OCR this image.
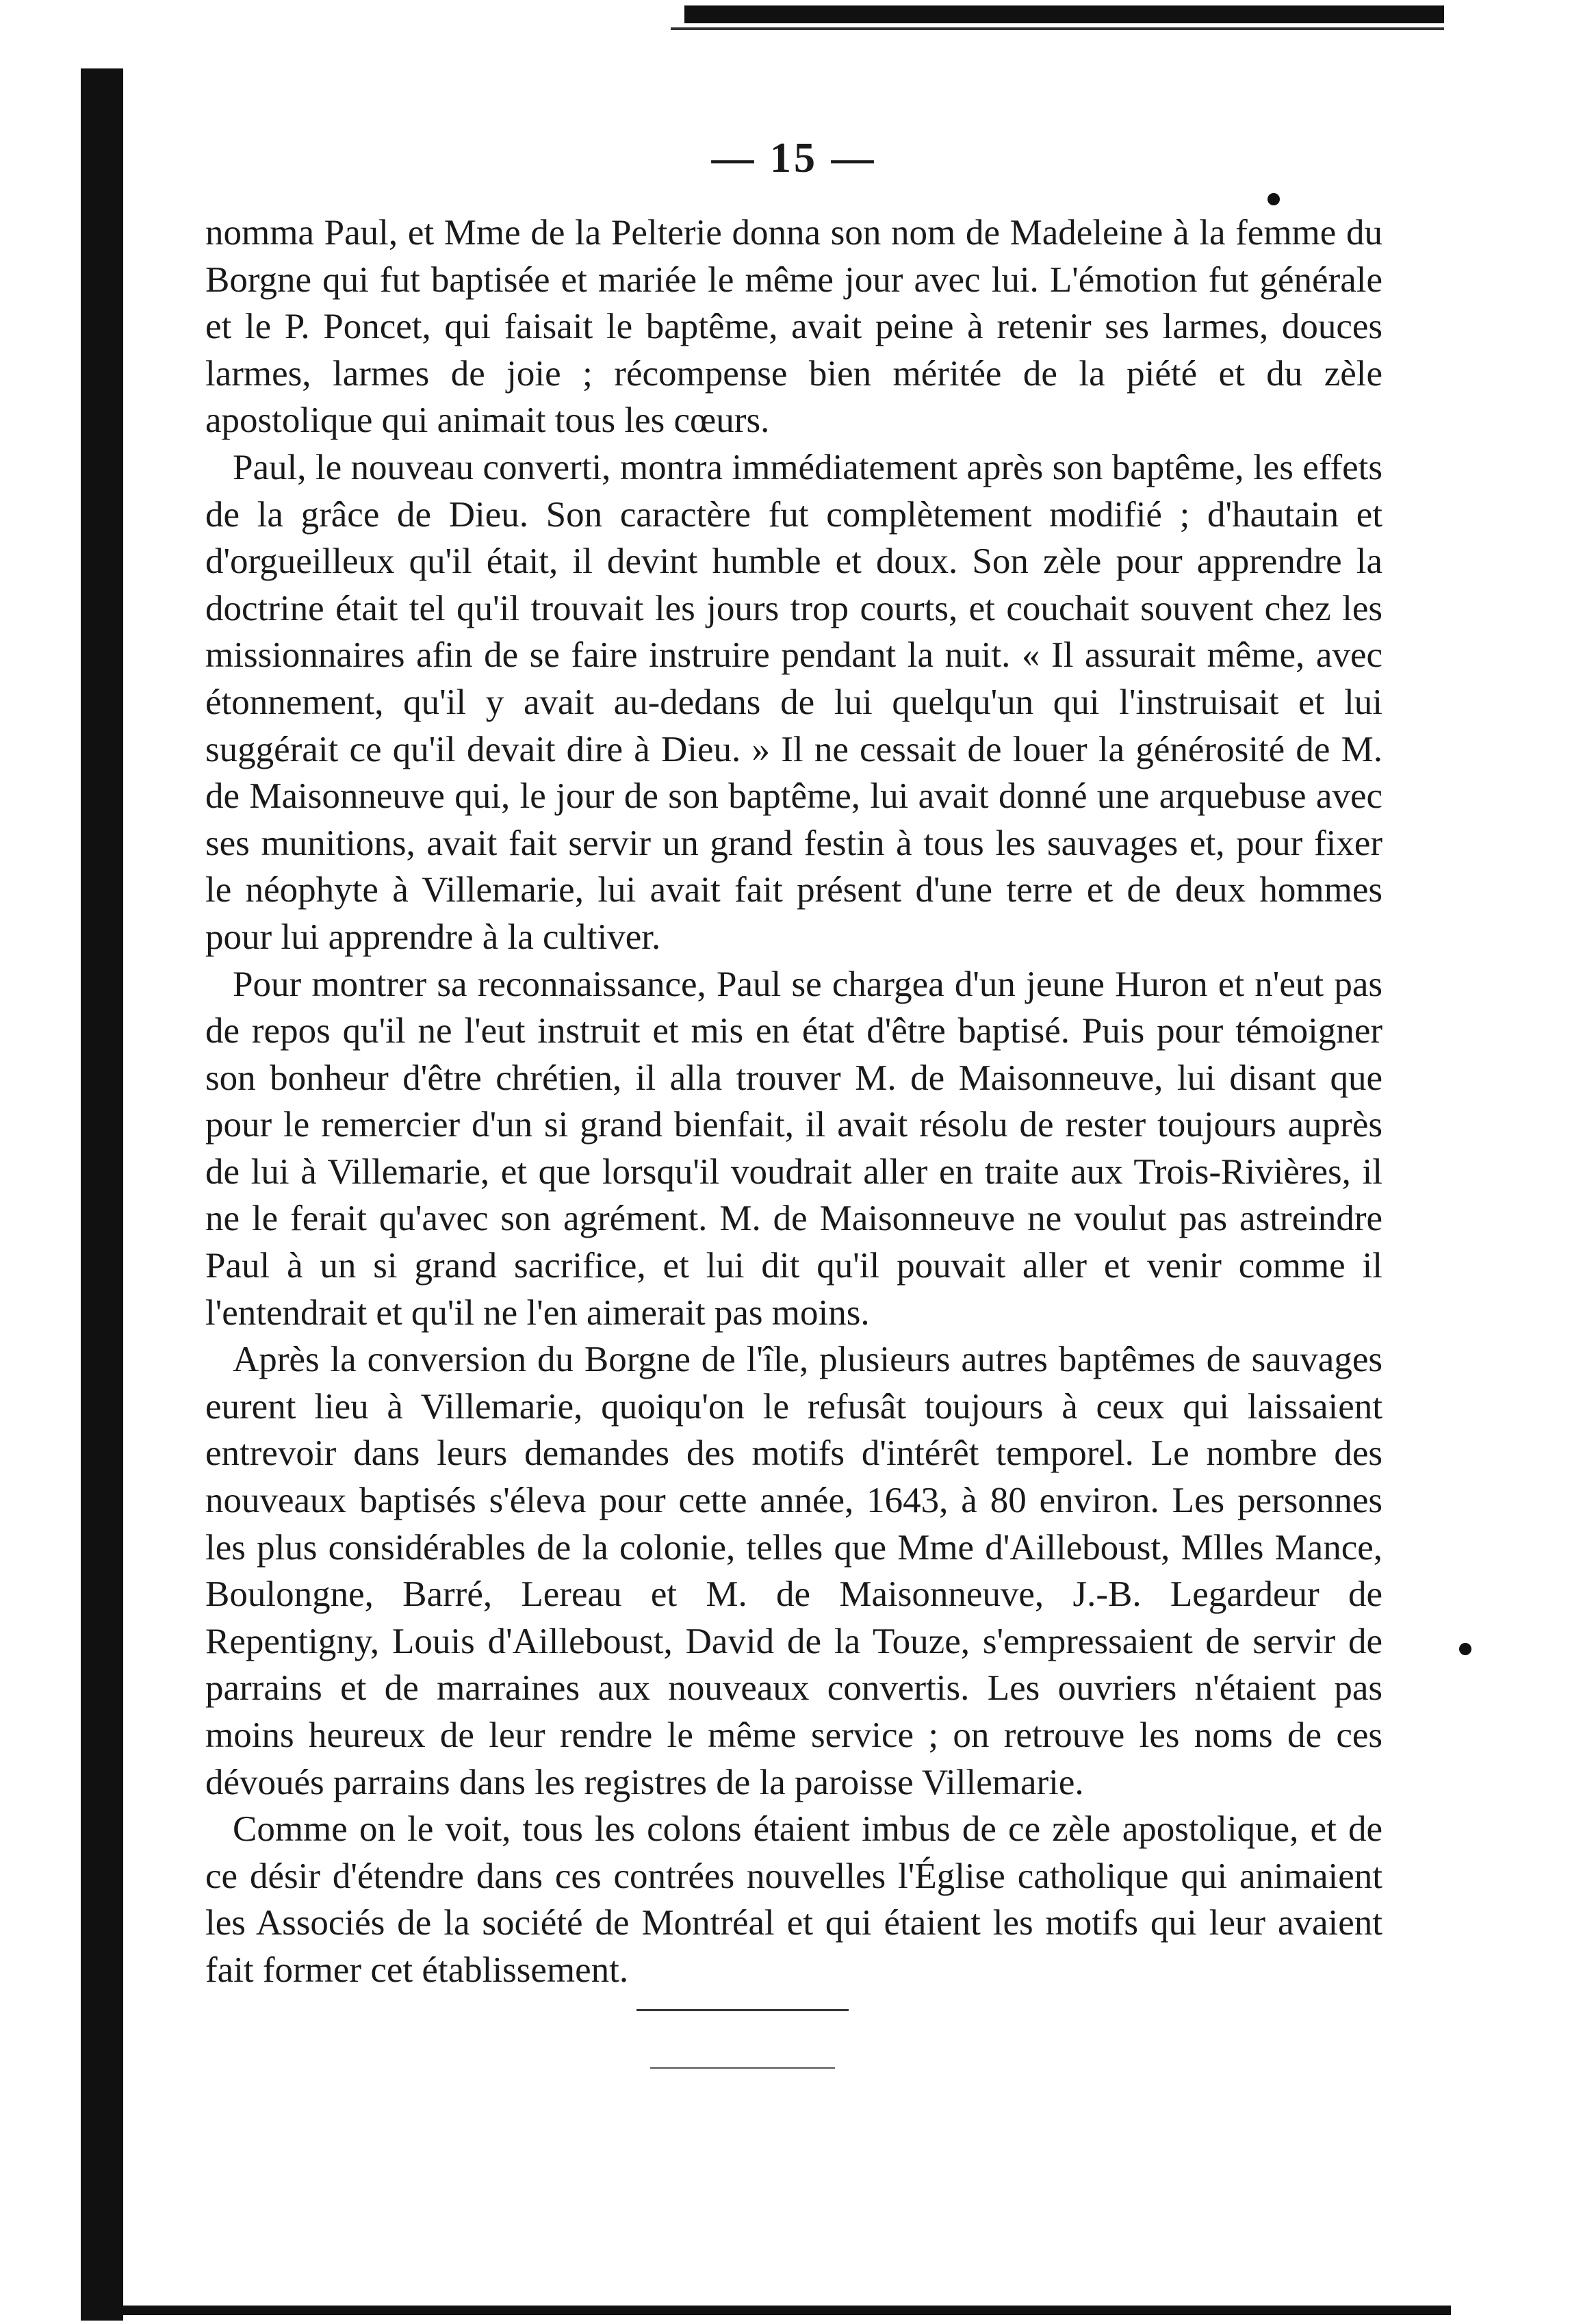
— 15 —

nomma Paul, et Mme de la Pelterie donna son nom de Madeleine à la femme du Borgne qui fut baptisée et mariée le même jour avec lui. L'émotion fut générale et le P. Poncet, qui faisait le baptême, avait peine à retenir ses larmes, douces larmes, larmes de joie ; récompense bien méritée de la piété et du zèle apostolique qui animait tous les cœurs.

Paul, le nouveau converti, montra immédiatement après son baptême, les effets de la grâce de Dieu. Son caractère fut complètement modifié ; d'hautain et d'orgueilleux qu'il était, il devint humble et doux. Son zèle pour apprendre la doctrine était tel qu'il trouvait les jours trop courts, et couchait souvent chez les missionnaires afin de se faire instruire pendant la nuit. « Il assurait même, avec étonnement, qu'il y avait au-dedans de lui quelqu'un qui l'instruisait et lui suggérait ce qu'il devait dire à Dieu. » Il ne cessait de louer la générosité de M. de Maisonneuve qui, le jour de son baptême, lui avait donné une arquebuse avec ses munitions, avait fait servir un grand festin à tous les sauvages et, pour fixer le néophyte à Villemarie, lui avait fait présent d'une terre et de deux hommes pour lui apprendre à la cultiver.

Pour montrer sa reconnaissance, Paul se chargea d'un jeune Huron et n'eut pas de repos qu'il ne l'eut instruit et mis en état d'être baptisé. Puis pour témoigner son bonheur d'être chrétien, il alla trouver M. de Maisonneuve, lui disant que pour le remercier d'un si grand bienfait, il avait résolu de rester toujours auprès de lui à Villemarie, et que lorsqu'il voudrait aller en traite aux Trois-Rivières, il ne le ferait qu'avec son agrément. M. de Maisonneuve ne voulut pas astreindre Paul à un si grand sacrifice, et lui dit qu'il pouvait aller et venir comme il l'entendrait et qu'il ne l'en aimerait pas moins.

Après la conversion du Borgne de l'île, plusieurs autres baptêmes de sauvages eurent lieu à Villemarie, quoiqu'on le refusât toujours à ceux qui laissaient entrevoir dans leurs demandes des motifs d'intérêt temporel. Le nombre des nouveaux baptisés s'éleva pour cette année, 1643, à 80 environ. Les personnes les plus considérables de la colonie, telles que Mme d'Ailleboust, Mlles Mance, Boulongne, Barré, Lereau et M. de Maisonneuve, J.-B. Legardeur de Repentigny, Louis d'Ailleboust, David de la Touze, s'empressaient de servir de parrains et de marraines aux nouveaux convertis. Les ouvriers n'étaient pas moins heureux de leur rendre le même service ; on retrouve les noms de ces dévoués parrains dans les registres de la paroisse Villemarie.

Comme on le voit, tous les colons étaient imbus de ce zèle apostolique, et de ce désir d'étendre dans ces contrées nouvelles l'Église catholique qui animaient les Associés de la société de Montréal et qui étaient les motifs qui leur avaient fait former cet établissement.
